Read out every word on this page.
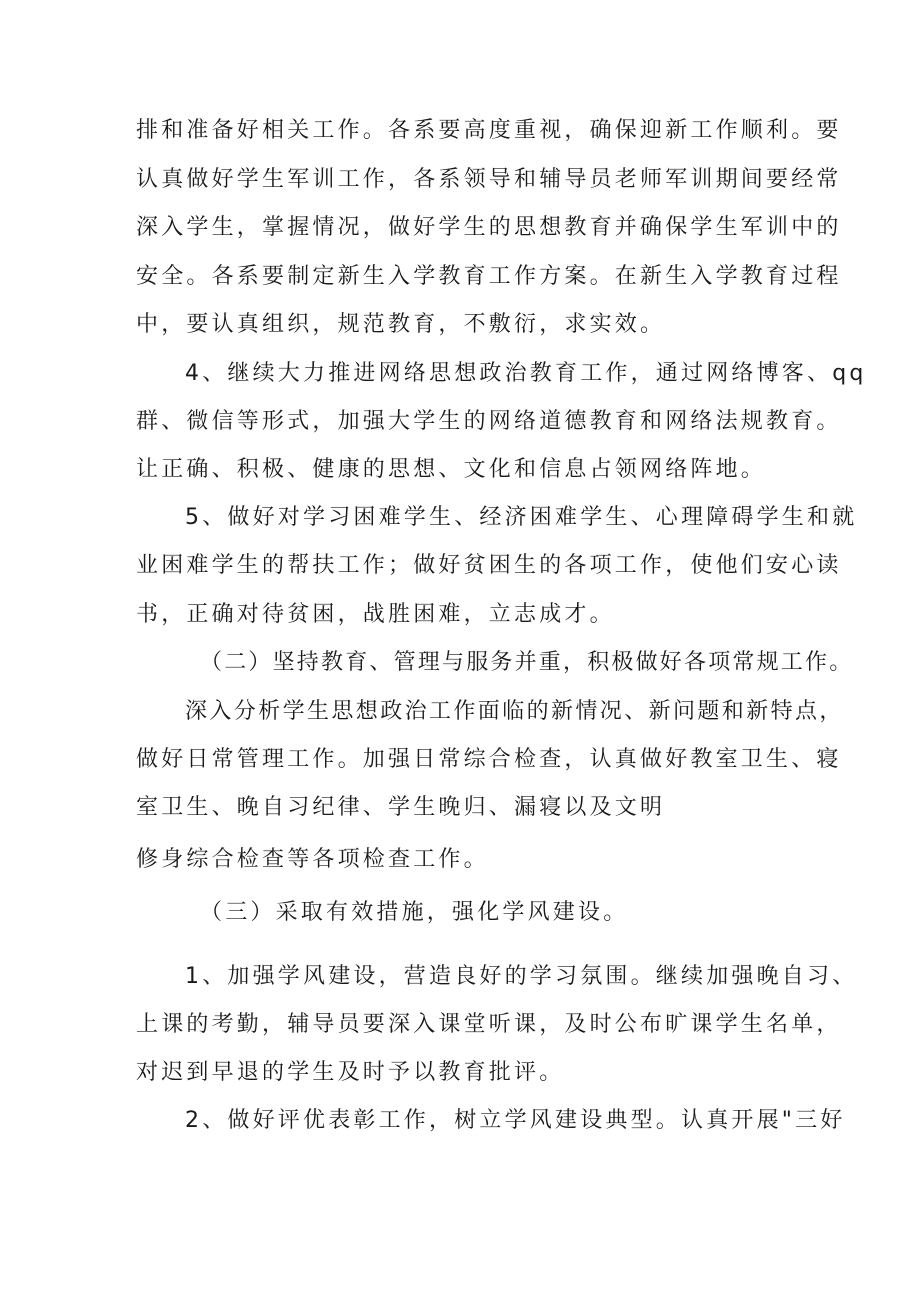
排和准备好相关工作。各系要高度重视，确保迎新工作顺利。要
认真做好学生军训工作，各系领导和辅导员老师军训期间要经常
深入学生，掌握情况，做好学生的思想教育并确保学生军训中的
安全。各系要制定新生入学教育工作方案。在新生入学教育过程
中，要认真组织，规范教育，不敷衍，求实效。
4、继续大力推进网络思想政治教育工作，通过网络博客、qq
群、微信等形式，加强大学生的网络道德教育和网络法规教育。
让正确、积极、健康的思想、文化和信息占领网络阵地。
5、做好对学习困难学生、经济困难学生、心理障碍学生和就
业困难学生的帮扶工作；做好贫困生的各项工作，使他们安心读
书，正确对待贫困，战胜困难，立志成才。
（二）坚持教育、管理与服务并重，积极做好各项常规工作。
深入分析学生思想政治工作面临的新情况、新问题和新特点，
做好日常管理工作。加强日常综合检查，认真做好教室卫生、寝
室卫生、晚自习纪律、学生晚归、漏寝以及文明
修身综合检查等各项检查工作。
（三）采取有效措施，强化学风建设。
1、加强学风建设，营造良好的学习氛围。继续加强晚自习、
上课的考勤，辅导员要深入课堂听课，及时公布旷课学生名单，
对迟到早退的学生及时予以教育批评。
2、做好评优表彰工作，树立学风建设典型。认真开展"三好
